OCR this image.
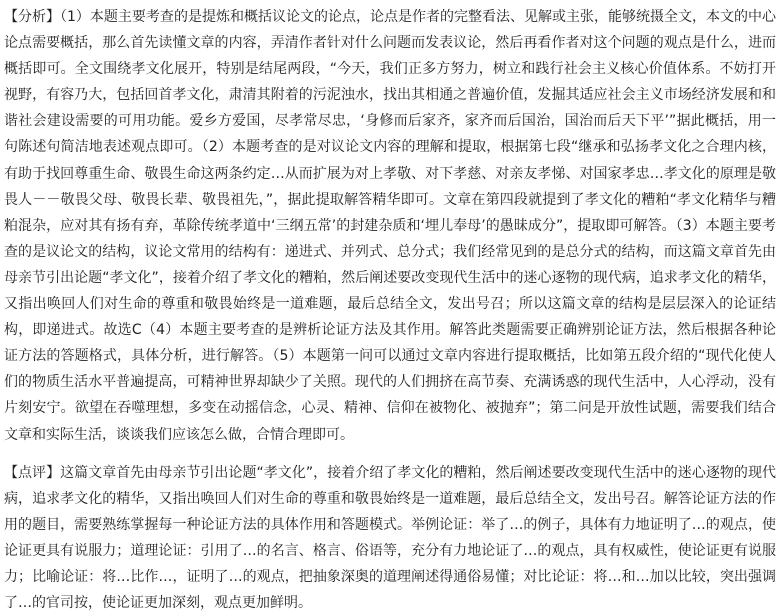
【分析】（1）本题主要考查的是提炼和概括议论文的论点，论点是作者的完整看法、见解或主张，能够统摄全文，本文的中心论点需要概括，那么首先读懂文章的内容，弄清作者针对什么问题而发表议论，然后再看作者对这个问题的观点是什么，进而概括即可。全文围绕孝文化展开，特别是结尾两段，“今天，我们正多方努力，树立和践行社会主义核心价值体系。不妨打开视野，有容乃大，包括回首孝文化，肃清其附着的污泥浊水，找出其相通之普遍价值，发掘其适应社会主义市场经济发展和和谐社会建设需要的可用功能。爱乡方爱国，尽孝常尽忠，‘身修而后家齐，家齐而后国治，国治而后天下平’”据此概括，用一句陈述句简洁地表述观点即可。（2）本题考查的是对议论文内容的理解和提取，根据第七段“继承和弘扬孝文化之合理内核，有助于找回尊重生命、敬畏生命这两条约定…从而扩展为对上孝敬、对下孝慈、对亲友孝悌、对国家孝忠…孝文化的原理是敬畏人－－敬畏父母、敬畏长辈、敬畏祖先，”，据此提取解答精华即可。文章在第四段就提到了孝文化的糟粕“孝文化精华与糟粕混杂，应对其有扬有弃，革除传统孝道中‘三纲五常’的封建杂质和‘埋儿奉母’的愚昧成分”，提取即可解答。（3）本题主要考查的是议论文的结构，议论文常用的结构有：递进式、并列式、总分式；我们经常见到的是总分式的结构，而这篇文章首先由母亲节引出论题“孝文化”，接着介绍了孝文化的糟粕，然后阐述要改变现代生活中的迷心逐物的现代病，追求孝文化的精华，又指出唤回人们对生命的尊重和敬畏始终是一道难题，最后总结全文，发出号召；所以这篇文章的结构是层层深入的论证结构，即递进式。故选C（4）本题主要考查的是辨析论证方法及其作用。解答此类题需要正确辨别论证方法，然后根据各种论证方法的答题格式，具体分析，进行解答。（5）本题第一问可以通过文章内容进行提取概括，比如第五段介绍的“现代化使人们的物质生活水平普遍提高，可精神世界却缺少了关照。现代的人们拥挤在高节奏、充满诱惑的现代生活中，人心浮动，没有片刻安宁。欲望在吞噬理想，多变在动摇信念，心灵、精神、信仰在被物化、被抛弃”；第二问是开放性试题，需要我们结合文章和实际生活，谈谈我们应该怎么做，合情合理即可。

【点评】这篇文章首先由母亲节引出论题“孝文化”，接着介绍了孝文化的糟粕，然后阐述要改变现代生活中的迷心逐物的现代病，追求孝文化的精华，又指出唤回人们对生命的尊重和敬畏始终是一道难题，最后总结全文，发出号召。解答论证方法的作用的题目，需要熟练掌握每一种论证方法的具体作用和答题模式。举例论证：举了…的例子，具体有力地证明了…的观点，使论证更具有说服力；道理论证：引用了…的名言、格言、俗语等，充分有力地论证了…的观点，具有权威性，使论证更有说服力；比喻论证：将…比作…，证明了…的观点，把抽象深奥的道理阐述得通俗易懂；对比论证：将…和…加以比较，突出强调了…的官司按，使论证更加深刻，观点更加鲜明。
